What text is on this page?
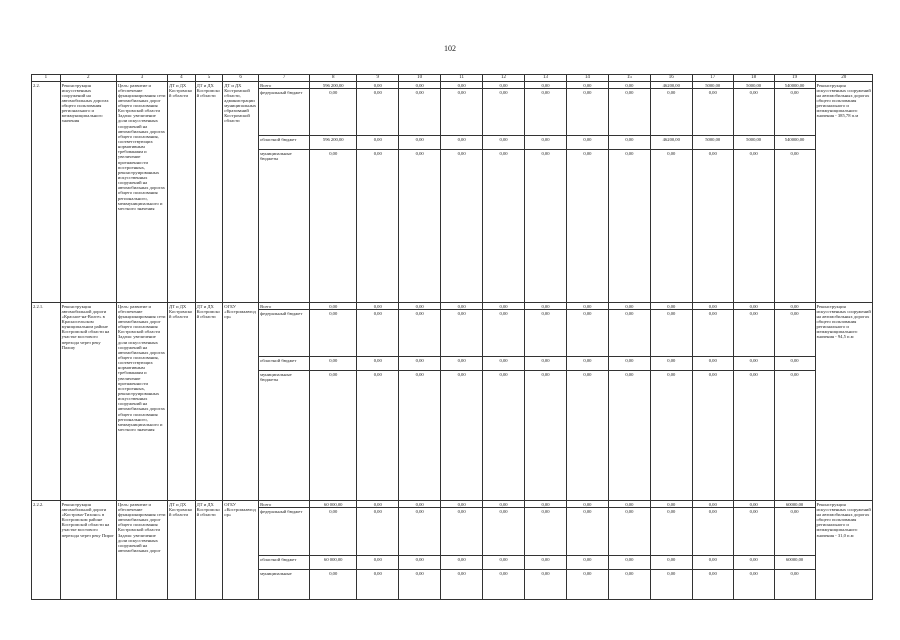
102
1	2	3	4	5	6	7	8	9	10	11	12	13	14	15	16	17	18	19	20
2.2.	Реконструкция искусственных сооружений на автомобильных дорогах общего пользования регионального и межмуниципального значения	Цель: развитие и обеспечение функционирования сети автомобильных дорог общего пользования Костромской области Задача: увеличение доли искусственных сооружений на автомобильных дорогах общего пользования, соответствующих нормативным требованиям и увеличение протяженности построенных, реконструированных искусственных сооружений на автомобильных дорогах общего пользования регионального, межмуниципального и местного значения	ДТ и ДХ Костромской области	ДТ и ДХ Костромской области	ДТ и ДХ Костромской области, администрации муниципальных образований Костромской области	Всего	596 200,00	0,00	0,00	0,00	0,00	0,00	0,00	0,00	46200,00	5000,00	5000,00	540000,00	Реконструкция искусственных сооружений на автомобильных дорогах общего пользования регионального и межмуниципального значения - 385,78 п.м
						федеральный бюджет	0,00	0,00	0,00	0,00	0,00	0,00	0,00	0,00	0,00	0,00	0,00	0,00	
						областной бюджет	596 200,00	0,00	0,00	0,00	0,00	0,00	0,00	0,00	46200,00	5000,00	5000,00	540000,00	
						муниципальные бюджеты	0,00	0,00	0,00	0,00	0,00	0,00	0,00	0,00	0,00	0,00	0,00	0,00	
2.2.1.	Реконструкция автомобильной дороги «Красное-на-Волге» в Красносельском муниципальном районе Костромской области на участке мостового перехода через реку Палшу	Цель: развитие и обеспечение функционирования сети автомобильных дорог общего пользования Костромской области Задача: увеличение доли искусственных сооружений на автомобильных дорогах общего пользования, соответствующих нормативным требованиям и увеличение протяженности построенных, реконструированных искусственных сооружений на автомобильных дорогах общего пользования регионального, межмуниципального и местного значения	ДТ и ДХ Костромской области	ДТ и ДХ Костромской области	ОГБУ «Костромаавтодор»	Всего	0,00	0,00	0,00	0,00	0,00	0,00	0,00	0,00	0,00	0,00	0,00	0,00	Реконструкция искусственных сооружений на автомобильных дорогах общего пользования регионального и межмуниципального значения - 94,5 п.м
						федеральный бюджет	0,00	0,00	0,00	0,00	0,00	0,00	0,00	0,00	0,00	0,00	0,00	0,00	
						областной бюджет	0,00	0,00	0,00	0,00	0,00	0,00	0,00	0,00	0,00	0,00	0,00	0,00	
						муниципальные бюджеты	0,00	0,00	0,00	0,00	0,00	0,00	0,00	0,00	0,00	0,00	0,00	0,00	
2.2.2.	Реконструкция автомобильной дороги «Кострома-Тихоно» в Костромском районе Костромской области на участке мостового перехода через реку Пирог	Цель: развитие и обеспечение функционирования сети автомобильных дорог общего пользования Костромской области Задача: увеличение доли искусственных сооружений на автомобильных дорог	ДТ и ДХ Костромской области	ДТ и ДХ Костромской области	ОГБУ «Костромаавтодор»	Всего	60 000,00	0,00	0,00	0,00	0,00	0,00	0,00	0,00	0,00	0,00	0,00	60000,00	Реконструкция искусственных сооружений на автомобильных дорогах общего пользования регионального и межмуниципального значения - 31,0 п.м
						федеральный бюджет	0,00	0,00	0,00	0,00	0,00	0,00	0,00	0,00	0,00	0,00	0,00	0,00	
						областной бюджет	60 000,00	0,00	0,00	0,00	0,00	0,00	0,00	0,00	0,00	0,00	0,00	60000,00	
						муниципальные	0,00	0,00	0,00	0,00	0,00	0,00	0,00	0,00	0,00	0,00	0,00	0,00	
